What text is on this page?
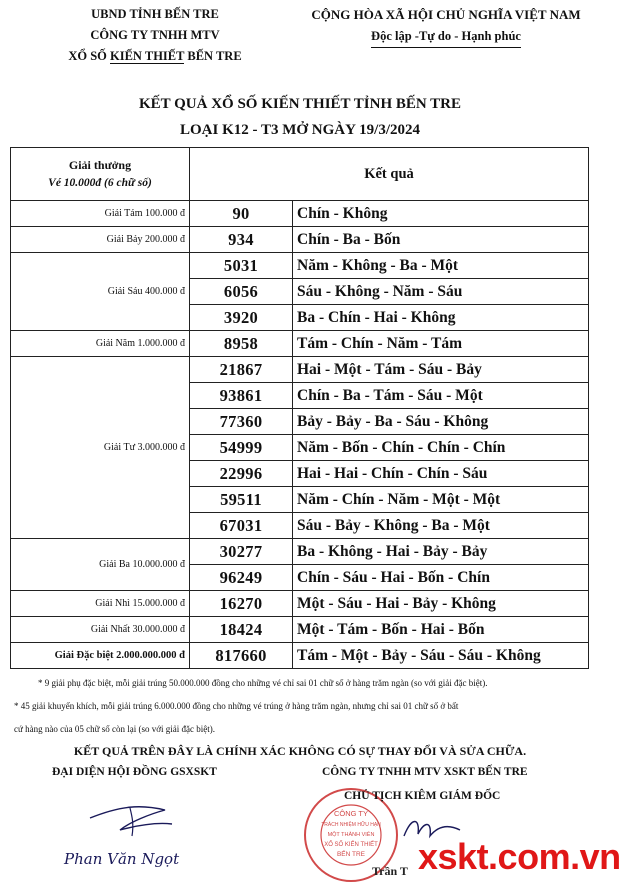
UBND TỈNH BẾN TRE
CÔNG TY TNHH MTV
XỔ SỐ KIẾN THIẾT BẾN TRE
CỘNG HÒA XÃ HỘI CHỦ NGHĨA VIỆT NAM
Độc lập -Tự do - Hạnh phúc
KẾT QUẢ XỔ SỐ KIẾN THIẾT TỈNH BẾN TRE
LOẠI K12 - T3 MỞ NGÀY 19/3/2024
Giải thưởng
Vé 10.000đ (6 chữ số)	Kết quả	
Giải Tám 100.000 đ	90	Chín - Không
Giải Bảy 200.000 đ	934	Chín - Ba - Bốn
Giải Sáu 400.000 đ	5031	Năm - Không - Ba - Một
	6056	Sáu - Không - Năm - Sáu
	3920	Ba - Chín - Hai - Không
Giải Năm 1.000.000 đ	8958	Tám - Chín - Năm - Tám
Giải Tư 3.000.000 đ	21867	Hai - Một - Tám - Sáu - Bảy
	93861	Chín - Ba - Tám - Sáu - Một
	77360	Bảy - Bảy - Ba - Sáu - Không
	54999	Năm - Bốn - Chín - Chín - Chín
	22996	Hai - Hai - Chín - Chín - Sáu
	59511	Năm - Chín - Năm - Một - Một
	67031	Sáu - Bảy - Không - Ba - Một
Giải Ba 10.000.000 đ	30277	Ba - Không - Hai - Bảy - Bảy
	96249	Chín - Sáu - Hai - Bốn - Chín
Giải Nhì 15.000.000 đ	16270	Một - Sáu - Hai - Bảy - Không
Giải Nhất 30.000.000 đ	18424	Một - Tám - Bốn - Hai - Bốn
Giải Đặc biệt 2.000.000.000 đ	817660	Tám - Một - Bảy - Sáu - Sáu - Không
* 9 giải phụ đặc biệt, mỗi giải trúng 50.000.000 đồng cho những vé chỉ sai 01 chữ số ở hàng trăm ngàn (so với giải đặc biệt).
* 45 giải khuyến khích, mỗi giải trúng 6.000.000 đồng cho những vé trúng ở hàng trăm ngàn, nhưng chỉ sai 01 chữ số ở bất
cứ hàng nào của 05 chữ số còn lại (so với giải đặc biệt).
KẾT QUẢ TRÊN ĐÂY LÀ CHÍNH XÁC KHÔNG CÓ SỰ THAY ĐỔI VÀ SỬA CHỮA.
ĐẠI DIỆN HỘI ĐỒNG GSXSKT	CÔNG TY TNHH MTV XSKT BẾN TRE
CÔNG TY
TRÁCH NHIỆM HỮU HẠN
MỘT THÀNH VIÊN
XỔ SỐ KIẾN THIẾT
BẾN TRE
CHỦ TỊCH KIÊM GIÁM ĐỐC
Phan Văn Ngọt
Trần T xskt.com.vn
